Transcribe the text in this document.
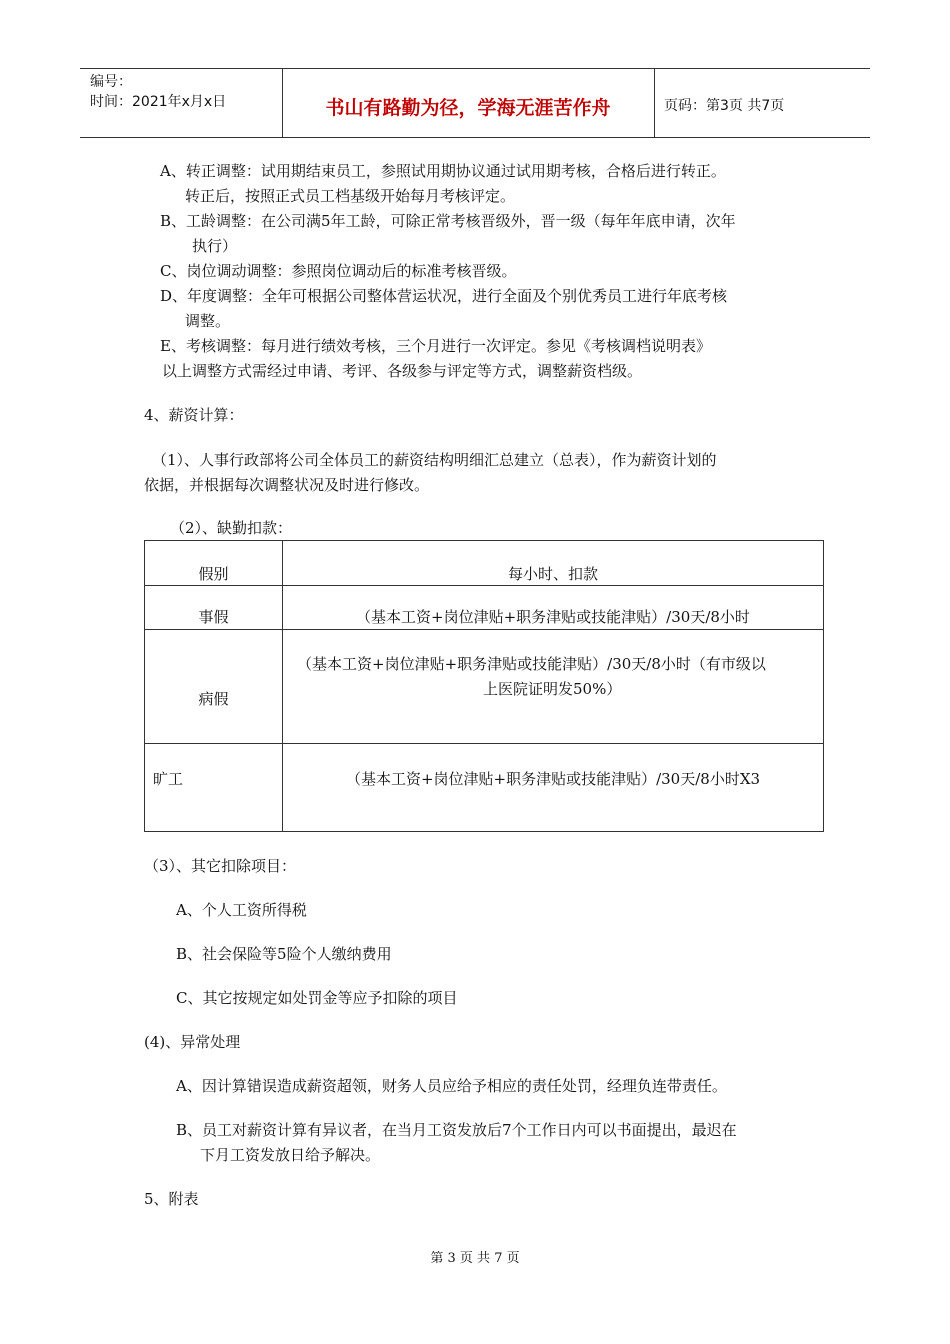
编号：
时间：2021年x月x日	书山有路勤为径，学海无涯苦作舟	页码：第3页 共7页
A、转正调整：试用期结束员工，参照试用期协议通过试用期考核，合格后进行转正。
转正后，按照正式员工档基级开始每月考核评定。
B、工龄调整：在公司满5年工龄，可除正常考核晋级外，晋一级（每年年底申请，次年
执行）
C、岗位调动调整：参照岗位调动后的标准考核晋级。
D、年度调整：全年可根据公司整体营运状况，进行全面及个别优秀员工进行年底考核
调整。
E、考核调整：每月进行绩效考核，三个月进行一次评定。参见《考核调档说明表》
以上调整方式需经过申请、考评、各级参与评定等方式，调整薪资档级。
4、薪资计算：
（1）、人事行政部将公司全体员工的薪资结构明细汇总建立（总表），作为薪资计划的
依据，并根据每次调整状况及时进行修改。
（2）、缺勤扣款：
假别	每小时、扣款

事假	（基本工资+岗位津贴+职务津贴或技能津贴）/30天/8小时

病假	（基本工资+岗位津贴+职务津贴或技能津贴）/30天/8小时（有市级以
上医院证明发50%）

旷工	（基本工资+岗位津贴+职务津贴或技能津贴）/30天/8小时X3
（3）、其它扣除项目：
A、个人工资所得税
B、社会保险等5险个人缴纳费用
C、其它按规定如处罚金等应予扣除的项目
(4)、异常处理
A、因计算错误造成薪资超领，财务人员应给予相应的责任处罚，经理负连带责任。
B、员工对薪资计算有异议者，在当月工资发放后7个工作日内可以书面提出，最迟在
下月工资发放日给予解决。
5、附表
第 3 页 共 7 页
